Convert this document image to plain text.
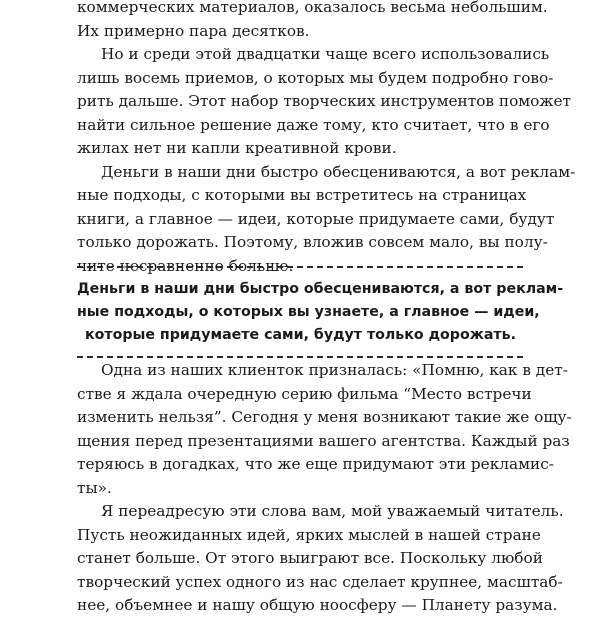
коммерческих материалов, оказалось весьма небольшим.
Их примерно пара десятков.

Но и среди этой двадцатки чаще всего использовались
лишь восемь приемов, о которых мы будем подробно гово-
рить дальше. Этот набор творческих инструментов поможет
найти сильное решение даже тому, кто считает, что в его
жилах нет ни капли креативной крови.

Деньги в наши дни быстро обесцениваются, а вот реклам-
ные подходы, с которыми вы встретитесь на страницах
книги, а главное — идеи, которые придумаете сами, будут
только дорожать. Поэтому, вложив совсем мало, вы полу-
чите несравненно больше.

Деньги в наши дни быстро обесцениваются, а вот реклам-
ные подходы, о которых вы узнаете, а главное — идеи,
которые придумаете сами, будут только дорожать.

Одна из наших клиенток призналась: «Помню, как в дет-
стве я ждала очередную серию фильма “Место встречи
изменить нельзя”. Сегодня у меня возникают такие же ощу-
щения перед презентациями вашего агентства. Каждый раз
теряюсь в догадках, что же еще придумают эти рекламис-
ты».

Я переадресую эти слова вам, мой уважаемый читатель.
Пусть неожиданных идей, ярких мыслей в нашей стране
станет больше. От этого выиграют все. Поскольку любой
творческий успех одного из нас сделает крупнее, масштаб-
нее, объемнее и нашу общую ноосферу — Планету разума.
